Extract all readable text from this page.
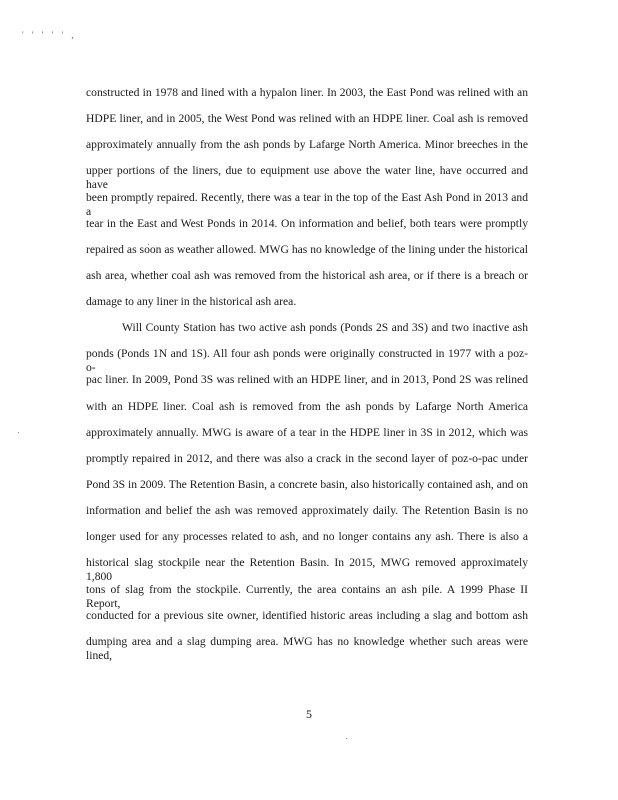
' ' ' ' ' ,
constructed in 1978 and lined with a hypalon liner. In 2003, the East Pond was relined with an
HDPE liner, and in 2005, the West Pond was relined with an HDPE liner. Coal ash is removed
approximately annually from the ash ponds by Lafarge North America. Minor breeches in the
upper portions of the liners, due to equipment use above the water line, have occurred and have
been promptly repaired. Recently, there was a tear in the top of the East Ash Pond in 2013 and a
tear in the East and West Ponds in 2014. On information and belief, both tears were promptly
repaired as soon as weather allowed. MWG has no knowledge of the lining under the historical
ash area, whether coal ash was removed from the historical ash area, or if there is a breach or
damage to any liner in the historical ash area.
Will County Station has two active ash ponds (Ponds 2S and 3S) and two inactive ash
ponds (Ponds 1N and 1S). All four ash ponds were originally constructed in 1977 with a poz-o-
pac liner. In 2009, Pond 3S was relined with an HDPE liner, and in 2013, Pond 2S was relined
with an HDPE liner. Coal ash is removed from the ash ponds by Lafarge North America
approximately annually. MWG is aware of a tear in the HDPE liner in 3S in 2012, which was
promptly repaired in 2012, and there was also a crack in the second layer of poz-o-pac under
Pond 3S in 2009. The Retention Basin, a concrete basin, also historically contained ash, and on
information and belief the ash was removed approximately daily. The Retention Basin is no
longer used for any processes related to ash, and no longer contains any ash. There is also a
historical slag stockpile near the Retention Basin. In 2015, MWG removed approximately 1,800
tons of slag from the stockpile. Currently, the area contains an ash pile. A 1999 Phase II Report,
conducted for a previous site owner, identified historic areas including a slag and bottom ash
dumping area and a slag dumping area. MWG has no knowledge whether such areas were lined,
5
